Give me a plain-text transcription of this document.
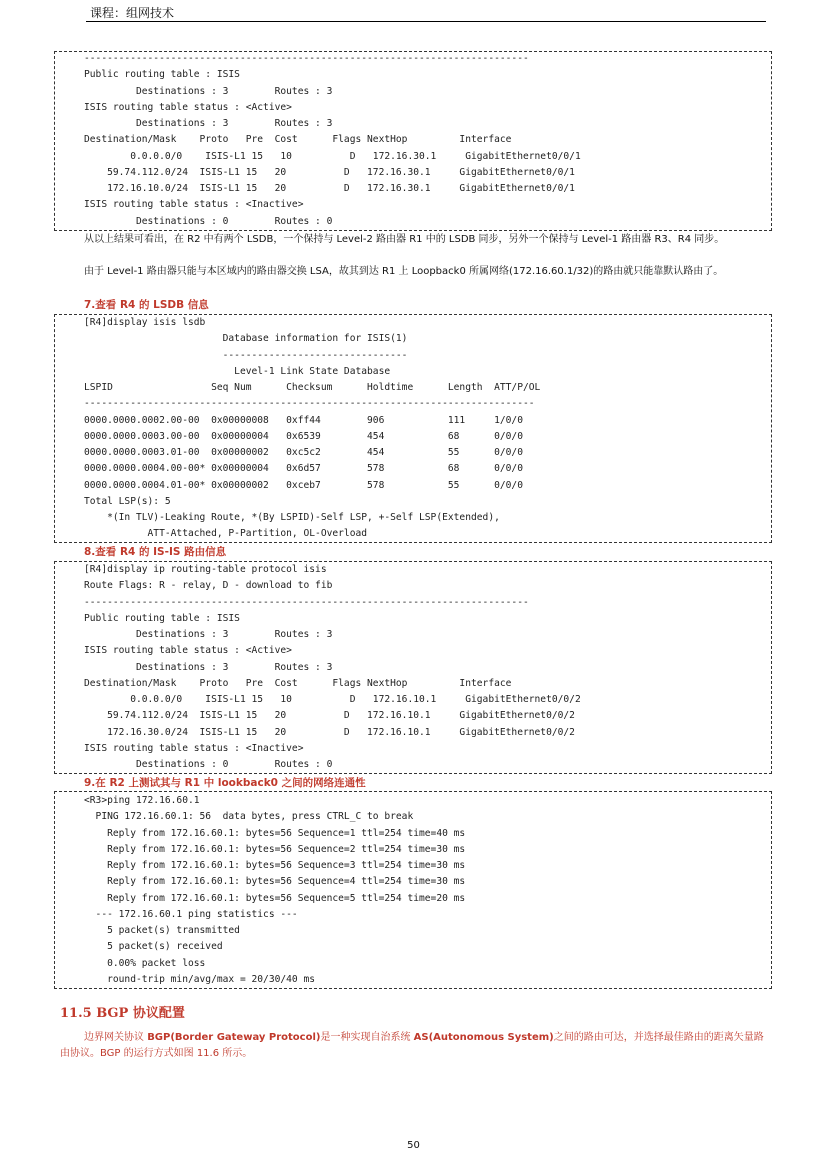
课程：组网技术
-----------------------------------------------------------------------------
Public routing table : ISIS
Destinations : 3        Routes : 3
ISIS routing table status : <Active>
Destinations : 3        Routes : 3
Destination/Mask    Proto   Pre  Cost      Flags NextHop         Interface
0.0.0.0/0    ISIS-L1 15   10          D   172.16.30.1     GigabitEthernet0/0/1
59.74.112.0/24  ISIS-L1 15   20          D   172.16.30.1     GigabitEthernet0/0/1
172.16.10.0/24  ISIS-L1 15   20          D   172.16.30.1     GigabitEthernet0/0/1
ISIS routing table status : <Inactive>
Destinations : 0        Routes : 0

从以上结果可看出，在 R2 中有两个 LSDB，一个保持与 Level-2 路由器 R1 中的 LSDB 同步，另外一个保持与 Level-1 路由器 R3、R4 同步。

由于 Level-1 路由器只能与本区域内的路由器交换 LSA，故其到达 R1 上 Loopback0 所属网络(172.16.60.1/32)的路由就只能靠默认路由了。

7.查看 R4 的 LSDB 信息

[R4]display isis lsdb
Database information for ISIS(1)
--------------------------------
Level-1 Link State Database
LSPID                 Seq Num      Checksum      Holdtime      Length  ATT/P/OL
------------------------------------------------------------------------------
0000.0000.0002.00-00  0x00000008   0xff44        906           111     1/0/0
0000.0000.0003.00-00  0x00000004   0x6539        454           68      0/0/0
0000.0000.0003.01-00  0x00000002   0xc5c2        454           55      0/0/0
0000.0000.0004.00-00* 0x00000004   0x6d57        578           68      0/0/0
0000.0000.0004.01-00* 0x00000002   0xceb7        578           55      0/0/0
Total LSP(s): 5
*(In TLV)-Leaking Route, *(By LSPID)-Self LSP, +-Self LSP(Extended),
ATT-Attached, P-Partition, OL-Overload

8.查看 R4 的 IS-IS 路由信息

[R4]display ip routing-table protocol isis
Route Flags: R - relay, D - download to fib
-----------------------------------------------------------------------------
Public routing table : ISIS
Destinations : 3        Routes : 3
ISIS routing table status : <Active>
Destinations : 3        Routes : 3
Destination/Mask    Proto   Pre  Cost      Flags NextHop         Interface
0.0.0.0/0    ISIS-L1 15   10          D   172.16.10.1     GigabitEthernet0/0/2
59.74.112.0/24  ISIS-L1 15   20          D   172.16.10.1     GigabitEthernet0/0/2
172.16.30.0/24  ISIS-L1 15   20          D   172.16.10.1     GigabitEthernet0/0/2
ISIS routing table status : <Inactive>
Destinations : 0        Routes : 0

9.在 R2 上测试其与 R1 中 lookback0 之间的网络连通性

<R3>ping 172.16.60.1
PING 172.16.60.1: 56  data bytes, press CTRL_C to break
Reply from 172.16.60.1: bytes=56 Sequence=1 ttl=254 time=40 ms
Reply from 172.16.60.1: bytes=56 Sequence=2 ttl=254 time=30 ms
Reply from 172.16.60.1: bytes=56 Sequence=3 ttl=254 time=30 ms
Reply from 172.16.60.1: bytes=56 Sequence=4 ttl=254 time=30 ms
Reply from 172.16.60.1: bytes=56 Sequence=5 ttl=254 time=20 ms
--- 172.16.60.1 ping statistics ---
5 packet(s) transmitted
5 packet(s) received
0.00% packet loss
round-trip min/avg/max = 20/30/40 ms

11.5 BGP 协议配置

边界网关协议 BGP(Border Gateway Protocol)是一种实现自治系统 AS(Autonomous System)之间的路由可达，并选择最佳路由的距离矢量路由协议。BGP 的运行方式如图 11.6 所示。

50
